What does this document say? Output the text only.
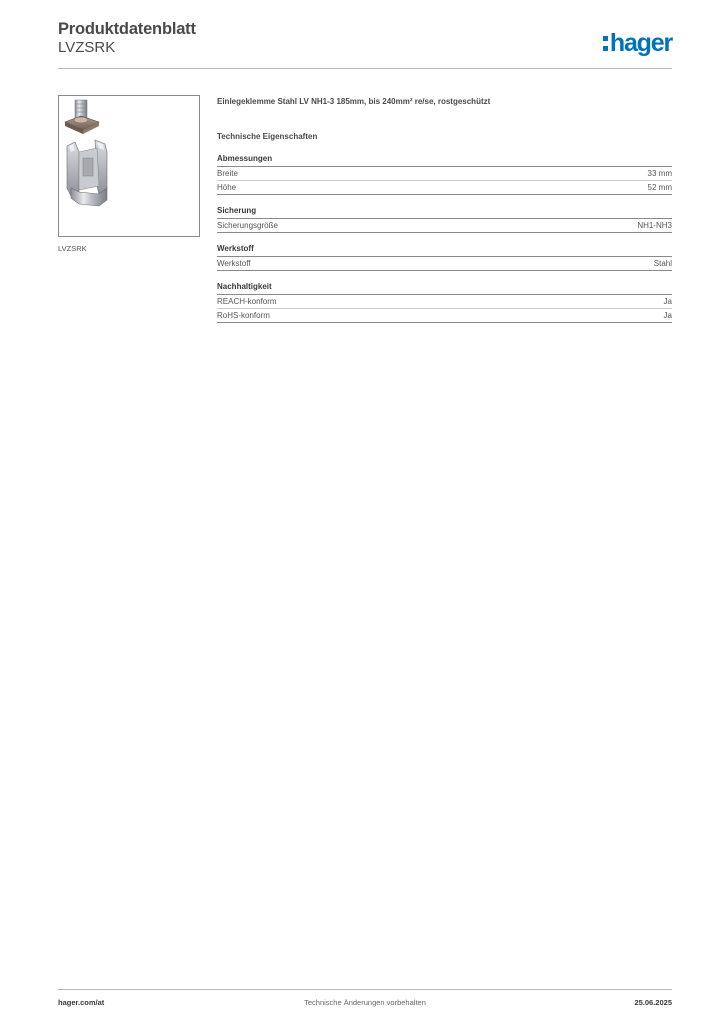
Produktdatenblatt
LVZSRK	hager
LVZSRK
Einlegeklemme Stahl LV NH1-3 185mm, bis 240mm² re/se, rostgeschützt
Technische Eigenschaften
Abmessungen
Breite	33 mm
Höhe	52 mm
Sicherung
Sicherungsgröße	NH1-NH3
Werkstoff
Werkstoff	Stahl
Nachhaltigkeit
REACH-konform	Ja
RoHS-konform	Ja
hager.com/at	Technische Änderungen vorbehalten	25.06.2025
